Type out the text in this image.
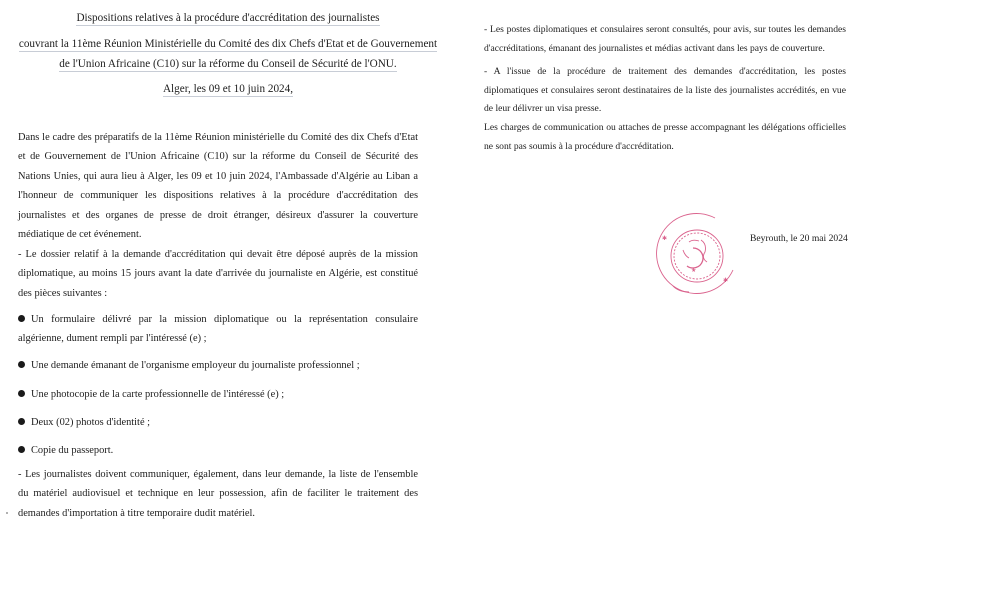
Dispositions relatives à la procédure d'accréditation des journalistes
couvrant la 11ème Réunion Ministérielle du Comité des dix Chefs d'Etat et de Gouvernement
de l'Union Africaine (C10) sur la réforme du Conseil de Sécurité de l'ONU.
Alger, les 09 et 10 juin 2024,
Dans le cadre des préparatifs de la 11ème Réunion ministérielle du Comité des dix Chefs d'Etat et de Gouvernement de l'Union Africaine (C10) sur la réforme du Conseil de Sécurité des Nations Unies, qui aura lieu à Alger, les 09 et 10 juin 2024, l'Ambassade d'Algérie au Liban a l'honneur de communiquer les dispositions relatives à la procédure d'accréditation des journalistes et des organes de presse de droit étranger, désireux d'assurer la couverture médiatique de cet événement.
- Le dossier relatif à la demande d'accréditation qui devait être déposé auprès de la mission diplomatique, au moins 15 jours avant la date d'arrivée du journaliste en Algérie, est constitué des pièces suivantes :
Un formulaire délivré par la mission diplomatique ou la représentation consulaire algérienne, dument rempli par l'intéressé (e) ;
Une demande émanant de l'organisme employeur du journaliste professionnel ;
Une photocopie de la carte professionnelle de l'intéressé (e) ;
Deux (02) photos d'identité ;
Copie du passeport.
- Les journalistes doivent communiquer, également, dans leur demande, la liste de l'ensemble du matériel audiovisuel et technique en leur possession, afin de faciliter le traitement des demandes d'importation à titre temporaire dudit matériel.
- Les postes diplomatiques et consulaires seront consultés, pour avis, sur toutes les demandes d'accréditations, émanant des journalistes et médias activant dans les pays de couverture.
- A l'issue de la procédure de traitement des demandes d'accréditation, les postes diplomatiques et consulaires seront destinataires de la liste des journalistes accrédités, en vue de leur délivrer un visa presse.
Les charges de communication ou attaches de presse accompagnant les délégations officielles ne sont pas soumis à la procédure d'accréditation.
✱
✱
★
Beyrouth, le 20 mai 2024
